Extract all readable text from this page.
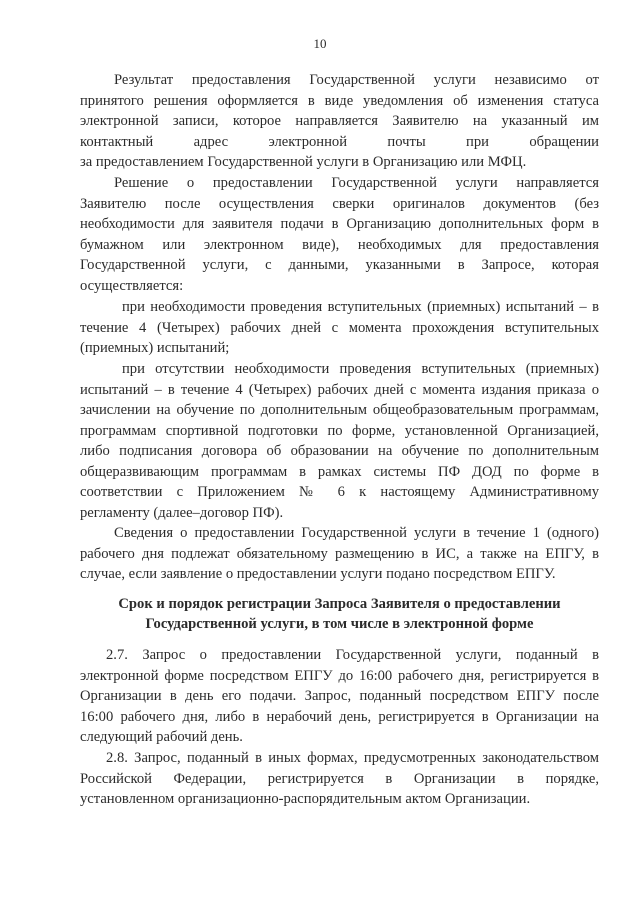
10
Результат предоставления Государственной услуги независимо от
принятого решения оформляется в виде уведомления об изменения статуса
электронной записи, которое направляется Заявителю на указанный им
контактный адрес электронной почты при обращении
за предоставлением Государственной услуги в Организацию или МФЦ.
Решение о предоставлении Государственной услуги направляется
Заявителю после осуществления сверки оригиналов документов (без
необходимости для заявителя подачи в Организацию дополнительных форм в
бумажном или электронном виде), необходимых для предоставления
Государственной услуги, с данными, указанными в Запросе, которая
осуществляется:
при необходимости проведения вступительных (приемных) испытаний – в
течение 4 (Четырех) рабочих дней с момента прохождения вступительных
(приемных) испытаний;
при отсутствии необходимости проведения вступительных (приемных)
испытаний – в течение 4 (Четырех) рабочих дней с момента издания приказа о
зачислении на обучение по дополнительным общеобразовательным программам,
программам спортивной подготовки по форме, установленной Организацией,
либо подписания договора об образовании на обучение по дополнительным
общеразвивающим программам в рамках системы ПФ ДОД по форме в
соответствии с Приложением № 6 к настоящему Административному
регламенту (далее–договор ПФ).
Сведения о предоставлении Государственной услуги в течение 1 (одного)
рабочего дня подлежат обязательному размещению в ИС, а также на ЕПГУ, в
случае, если заявление о предоставлении услуги подано посредством ЕПГУ.

Срок и порядок регистрации Запроса Заявителя о предоставлении

Государственной услуги, в том числе в электронной форме

2.7. Запрос о предоставлении Государственной услуги, поданный в
электронной форме посредством ЕПГУ до 16:00 рабочего дня, регистрируется в
Организации в день его подачи. Запрос, поданный посредством ЕПГУ после
16:00 рабочего дня, либо в нерабочий день, регистрируется в Организации на
следующий рабочий день.
2.8. Запрос, поданный в иных формах, предусмотренных законодательством
Российской Федерации, регистрируется в Организации в порядке,
установленном организационно-распорядительным актом Организации.
